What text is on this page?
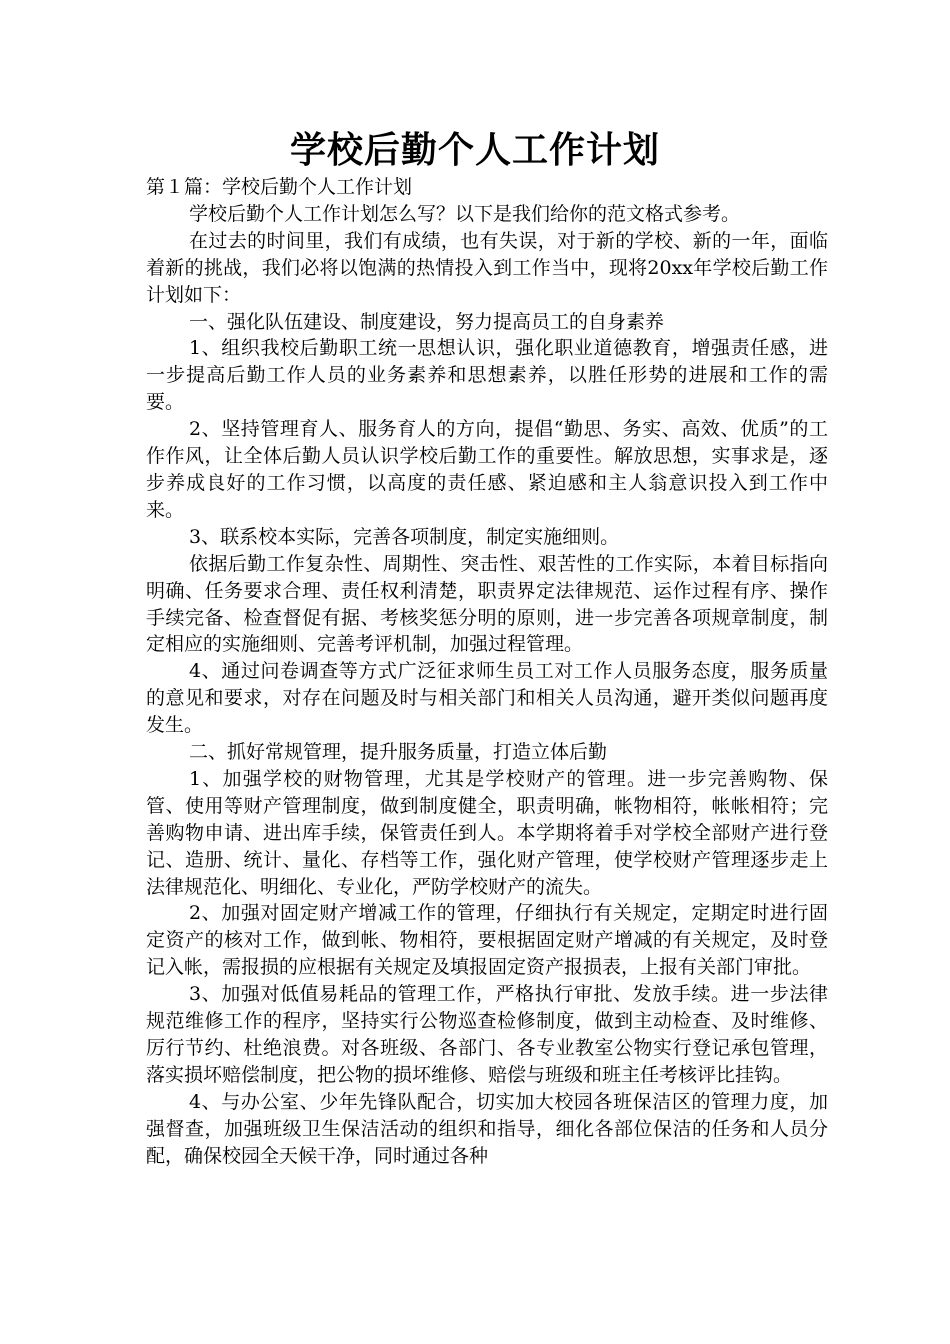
学校后勤个人工作计划

第１篇：学校后勤个人工作计划

学校后勤个人工作计划怎么写？以下是我们给你的范文格式参考。

在过去的时间里，我们有成绩，也有失误，对于新的学校、新的一年，面临着新的挑战，我们必将以饱满的热情投入到工作当中，现将20xx年学校后勤工作计划如下：

一、强化队伍建设、制度建设，努力提高员工的自身素养

1、组织我校后勤职工统一思想认识，强化职业道德教育，增强责任感，进一步提高后勤工作人员的业务素养和思想素养，以胜任形势的进展和工作的需要。

2、坚持管理育人、服务育人的方向，提倡“勤思、务实、高效、优质”的工作作风，让全体后勤人员认识学校后勤工作的重要性。解放思想，实事求是，逐步养成良好的工作习惯，以高度的责任感、紧迫感和主人翁意识投入到工作中来。

3、联系校本实际，完善各项制度，制定实施细则。

依据后勤工作复杂性、周期性、突击性、艰苦性的工作实际，本着目标指向明确、任务要求合理、责任权利清楚，职责界定法律规范、运作过程有序、操作手续完备、检查督促有据、考核奖惩分明的原则，进一步完善各项规章制度，制定相应的实施细则、完善考评机制，加强过程管理。

4、通过问卷调查等方式广泛征求师生员工对工作人员服务态度，服务质量的意见和要求，对存在问题及时与相关部门和相关人员沟通，避开类似问题再度发生。

二、抓好常规管理，提升服务质量，打造立体后勤

1、加强学校的财物管理，尤其是学校财产的管理。进一步完善购物、保管、使用等财产管理制度，做到制度健全，职责明确，帐物相符，帐帐相符；完善购物申请、进出库手续，保管责任到人。本学期将着手对学校全部财产进行登记、造册、统计、量化、存档等工作，强化财产管理，使学校财产管理逐步走上法律规范化、明细化、专业化，严防学校财产的流失。

2、加强对固定财产增减工作的管理，仔细执行有关规定，定期定时进行固定资产的核对工作，做到帐、物相符，要根据固定财产增减的有关规定，及时登记入帐，需报损的应根据有关规定及填报固定资产报损表，上报有关部门审批。

3、加强对低值易耗品的管理工作，严格执行审批、发放手续。进一步法律规范维修工作的程序，坚持实行公物巡查检修制度，做到主动检查、及时维修、厉行节约、杜绝浪费。对各班级、各部门、各专业教室公物实行登记承包管理，落实损坏赔偿制度，把公物的损坏维修、赔偿与班级和班主任考核评比挂钩。

4、与办公室、少年先锋队配合，切实加大校园各班保洁区的管理力度，加强督查，加强班级卫生保洁活动的组织和指导，细化各部位保洁的任务和人员分配，确保校园全天候干净，同时通过各种
